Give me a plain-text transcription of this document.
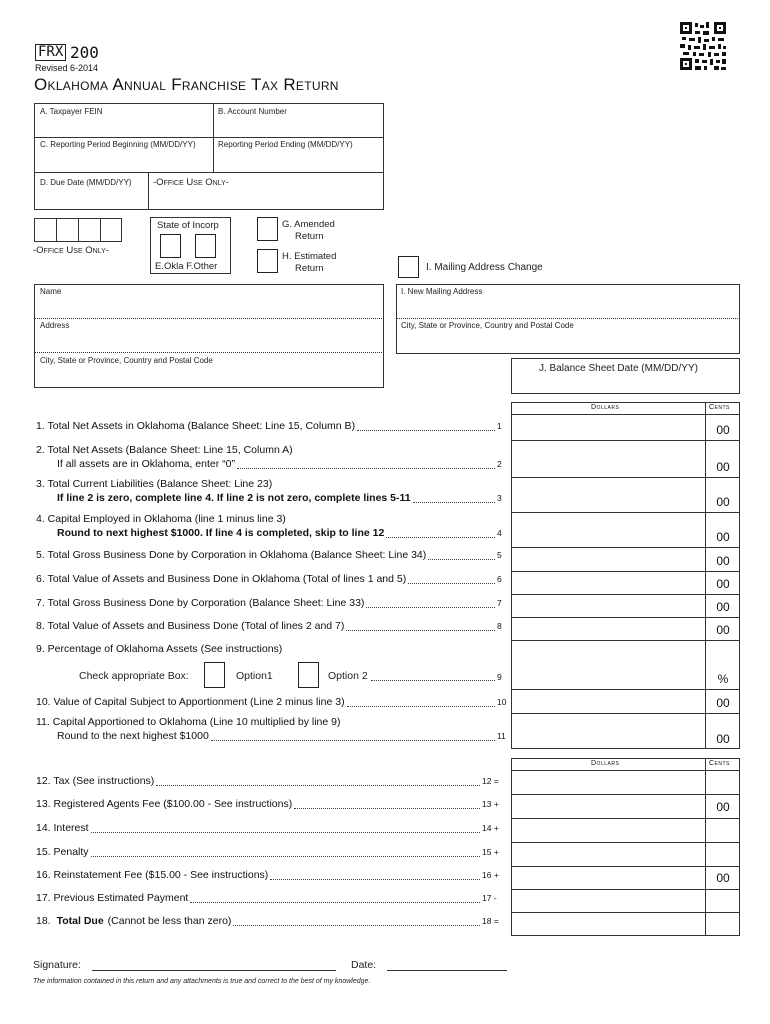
FRX 200
Revised 6-2014
Oklahoma Annual Franchise Tax Return
A. Taxpayer FEIN	B. Account Number
C. Reporting Period Beginning (MM/DD/YY)	Reporting Period Ending (MM/DD/YY)
D. Due Date (MM/DD/YY) -Office Use Only-
-Office Use Only-
State of Incorp
E.Okla F.Other
G. Amended
Return
H. Estimated
Return	I. Mailing Address Change
Name
Address
City, State or Province, Country and Postal Code
I. New Mailing Address
City, State or Province, Country and Postal Code
J. Balance Sheet Date (MM/DD/YY)
Dollars	Cents
1. Total Net Assets in Oklahoma (Balance Sheet: Line 15, Column B)	1	00
2. Total Net Assets (Balance Sheet: Line 15, Column A)
If all assets are in Oklahoma, enter “0”	2	00
3. Total Current Liabilities (Balance Sheet: Line 23)
If line 2 is zero, complete line 4. If line 2 is not zero, complete lines 5-11	3	00
4. Capital Employed in Oklahoma (line 1 minus line 3)
Round to next highest $1000. If line 4 is completed, skip to line 12	4	00
5. Total Gross Business Done by Corporation in Oklahoma (Balance Sheet: Line 34)	5	00
6. Total Value of Assets and Business Done in Oklahoma (Total of lines 1 and 5)	6	00
7. Total Gross Business Done by Corporation (Balance Sheet: Line 33)	7	00
8. Total Value of Assets and Business Done (Total of lines 2 and 7)	8	00
9. Percentage of Oklahoma Assets (See instructions)
9	%
10. Value of Capital Subject to Apportionment (Line 2 minus line 3)	10	00
11. Capital Apportioned to Oklahoma (Line 10 multiplied by line 9)
Round to the next highest $1000	11	00
Check appropriate Box:	Option1	Option 2
Dollars	Cents
12. Tax (See instructions)	12 =
13. Registered Agents Fee ($100.00 - See instructions)	13 +	00
14. Interest	14 +
15. Penalty	15 +
16. Reinstatement Fee ($15.00 - See instructions)	16 +	00
17. Previous Estimated Payment	17 -
18. Total Due (Cannot be less than zero)	18 =
Signature:	Date:
The information contained in this return and any attachments is true and correct to the best of my knowledge.
